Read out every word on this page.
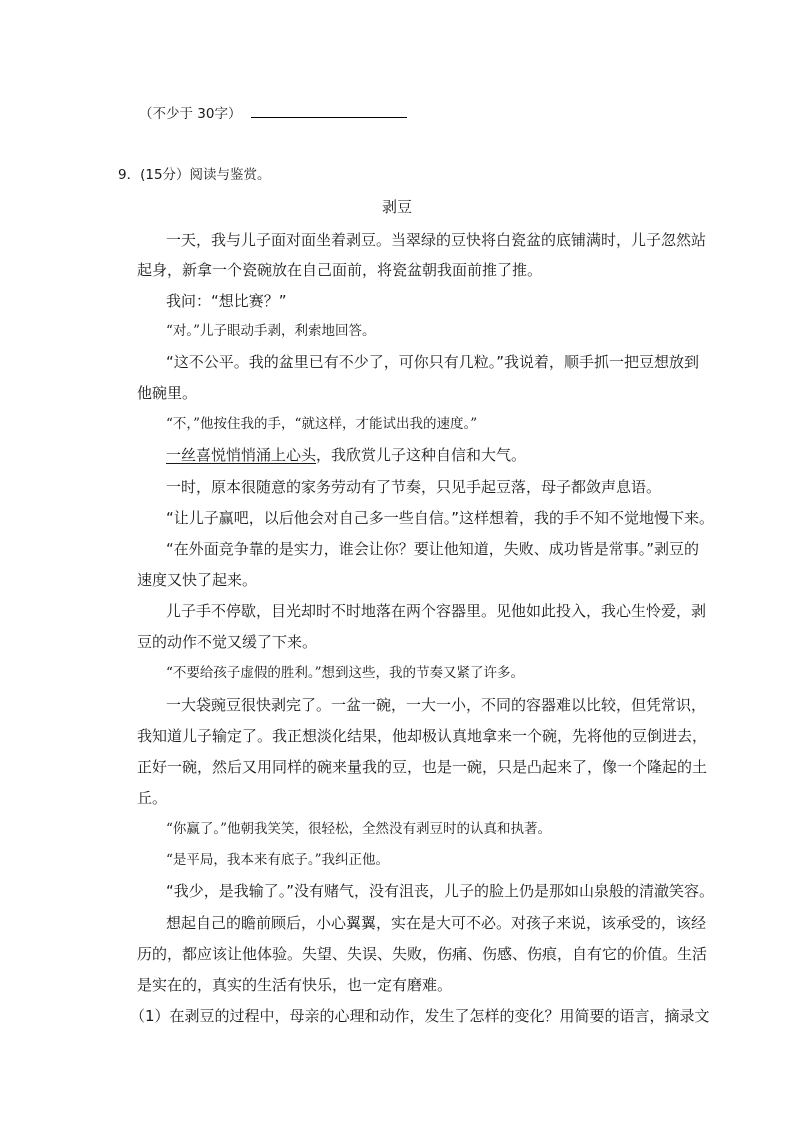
（不少于 30字）
9．(15分）阅读与鉴赏。
剥豆
一天，我与儿子面对面坐着剥豆。当翠绿的豆快将白瓷盆的底铺满时，儿子忽然站
起身，新拿一个瓷碗放在自己面前，将瓷盆朝我面前推了推。
我问：“想比赛？”
“对。”儿子眼动手剥，利索地回答。
“这不公平。我的盆里已有不少了，可你只有几粒。”我说着，顺手抓一把豆想放到
他碗里。
“不，”他按住我的手，“就这样，才能试出我的速度。”
一丝喜悦悄悄涌上心头，我欣赏儿子这种自信和大气。
一时，原本很随意的家务劳动有了节奏，只见手起豆落，母子都敛声息语。
“让儿子赢吧，以后他会对自己多一些自信。”这样想着，我的手不知不觉地慢下来。
“在外面竞争靠的是实力，谁会让你？要让他知道，失败、成功皆是常事。”剥豆的
速度又快了起来。
儿子手不停歇，目光却时不时地落在两个容器里。见他如此投入，我心生怜爱，剥
豆的动作不觉又缓了下来。
“不要给孩子虚假的胜利。”想到这些，我的节奏又紧了许多。
一大袋豌豆很快剥完了。一盆一碗，一大一小，不同的容器难以比较，但凭常识，
我知道儿子输定了。我正想淡化结果，他却极认真地拿来一个碗，先将他的豆倒进去，
正好一碗，然后又用同样的碗来量我的豆，也是一碗，只是凸起来了，像一个隆起的土
丘。
“你赢了。”他朝我笑笑，很轻松，全然没有剥豆时的认真和执著。
“是平局，我本来有底子。”我纠正他。
“我少，是我输了。”没有赌气，没有沮丧，儿子的脸上仍是那如山泉般的清澈笑容。
想起自己的瞻前顾后，小心翼翼，实在是大可不必。对孩子来说，该承受的，该经
历的，都应该让他体验。失望、失误、失败，伤痛、伤感、伤痕，自有它的价值。生活
是实在的，真实的生活有快乐，也一定有磨难。
（1）在剥豆的过程中，母亲的心理和动作，发生了怎样的变化？用简要的语言，摘录文
